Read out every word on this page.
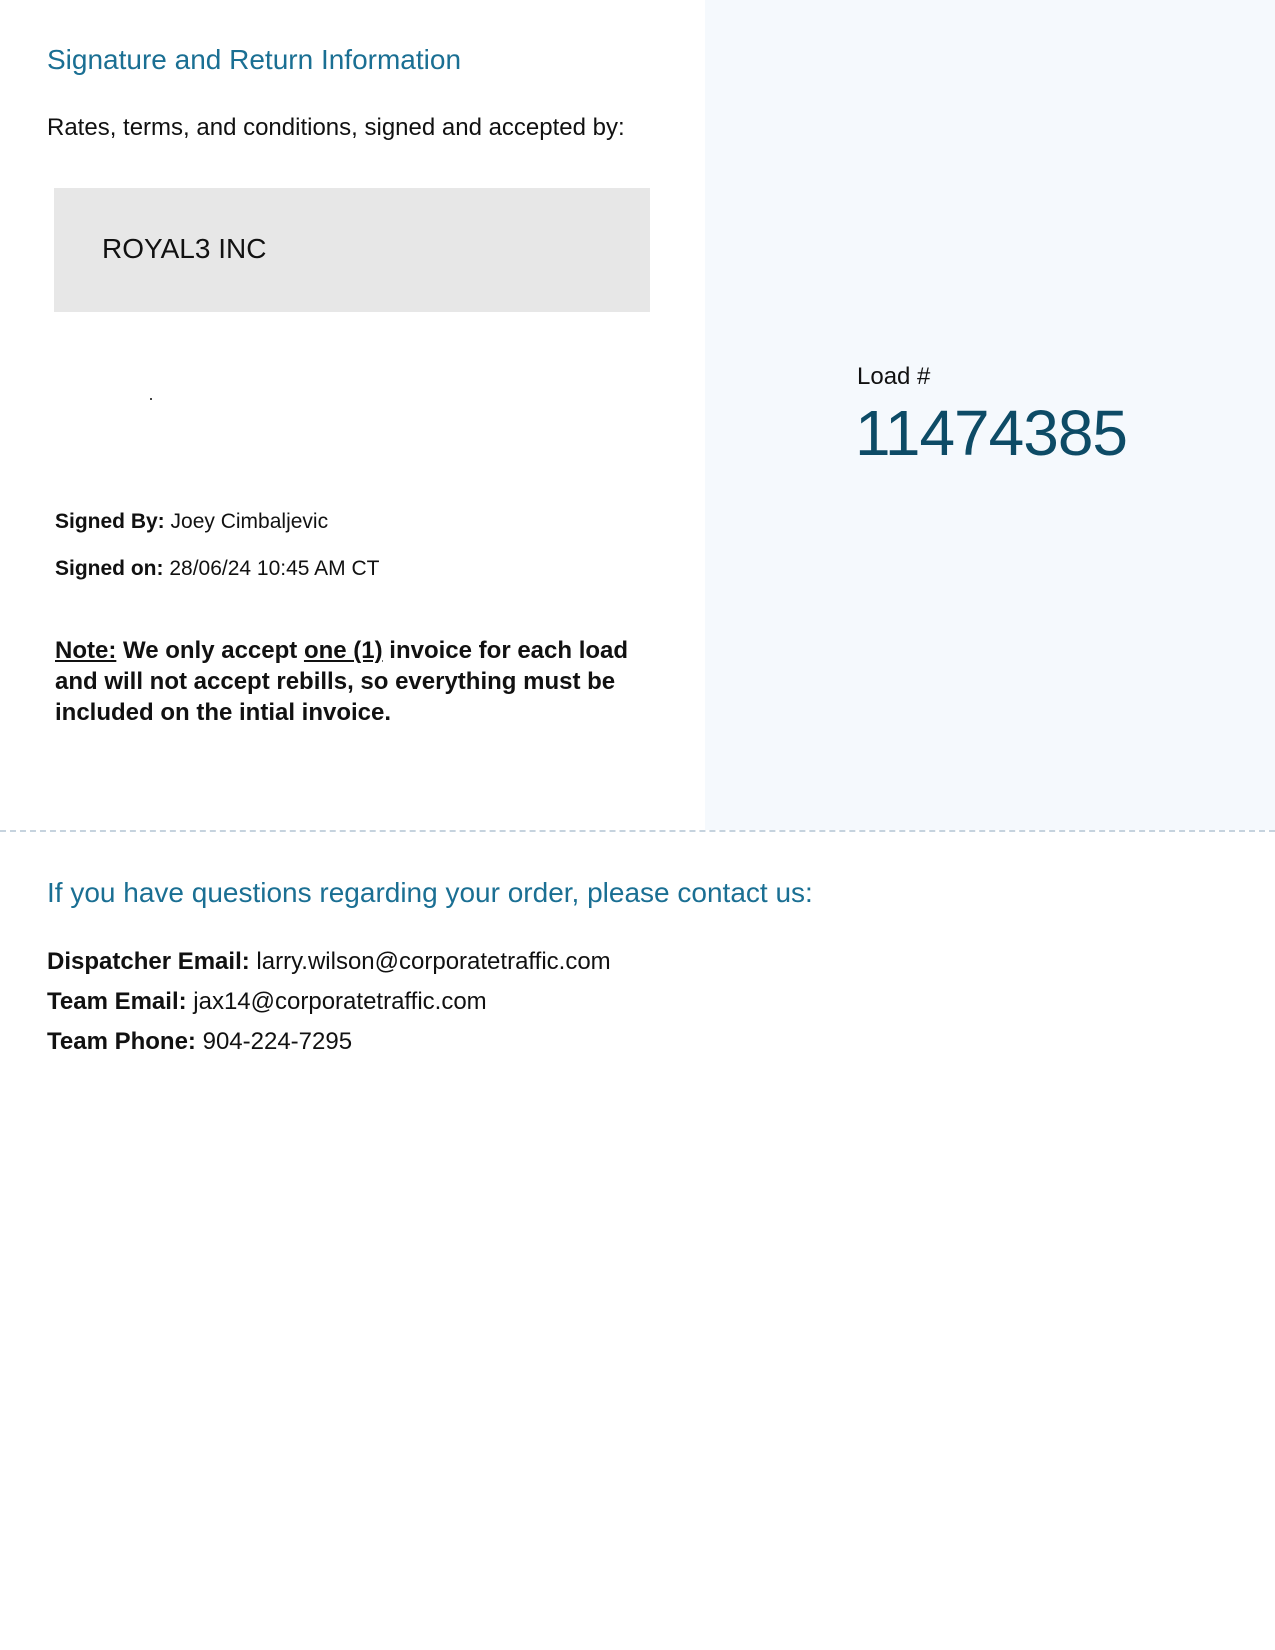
Signature and Return Information

Rates, terms, and conditions, signed and accepted by:

ROYAL3 INC
Signed By: Joey Cimbaljevic
Signed on: 28/06/24 10:45 AM CT
Note: We only accept one (1) invoice for each load and will not accept rebills, so everything must be included on the intial invoice.
Load #
11474385
If you have questions regarding your order, please contact us:
Dispatcher Email: larry.wilson@corporatetraffic.com
Team Email: jax14@corporatetraffic.com
Team Phone: 904-224-7295
